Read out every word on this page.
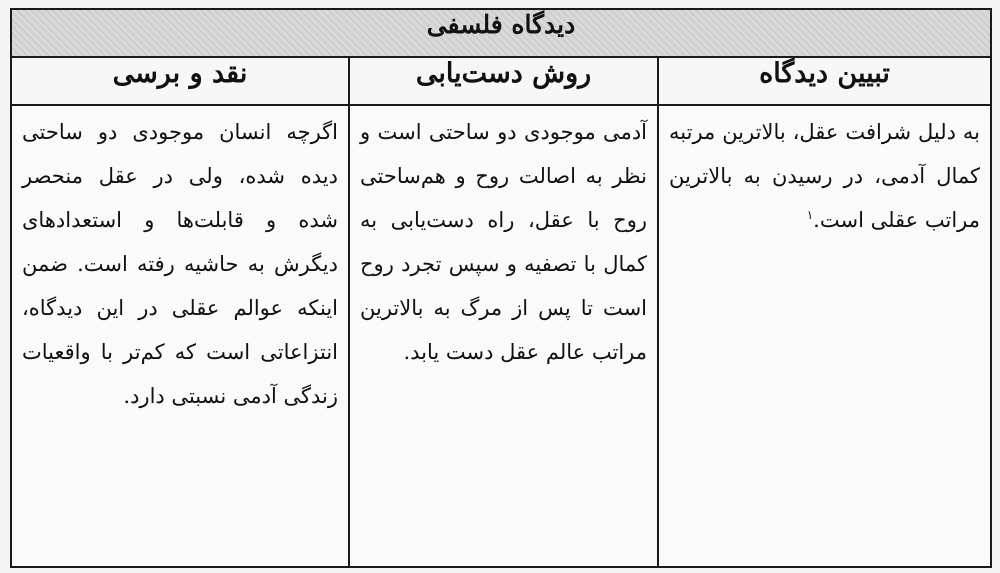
دیدگاه فلسفی		
تبیین دیدگاه	روش دست‌یابی	نقد و برسی
به دلیل شرافت عقل، بالاترین مرتبه کمال آدمی، در رسیدن به بالاترین مراتب عقلی است.$^۱$	آدمی موجودی دو ساحتی است و نظر به اصالت روح و هم‌ساحتی روح با عقل، راه دست‌یابی به کمال با تصفیه و سپس تجرد روح است تا پس از مرگ به بالاترین مراتب عالم عقل دست یابد.	اگرچه انسان موجودی دو ساحتی دیده شده، ولی در عقل منحصر شده و قابلت‌ها و استعدادهای دیگرش به حاشیه رفته است. ضمن اینکه عوالم عقلی در این دیدگاه، انتزاعاتی است که کم‌تر با واقعیات زندگی آدمی نسبتی دارد.
